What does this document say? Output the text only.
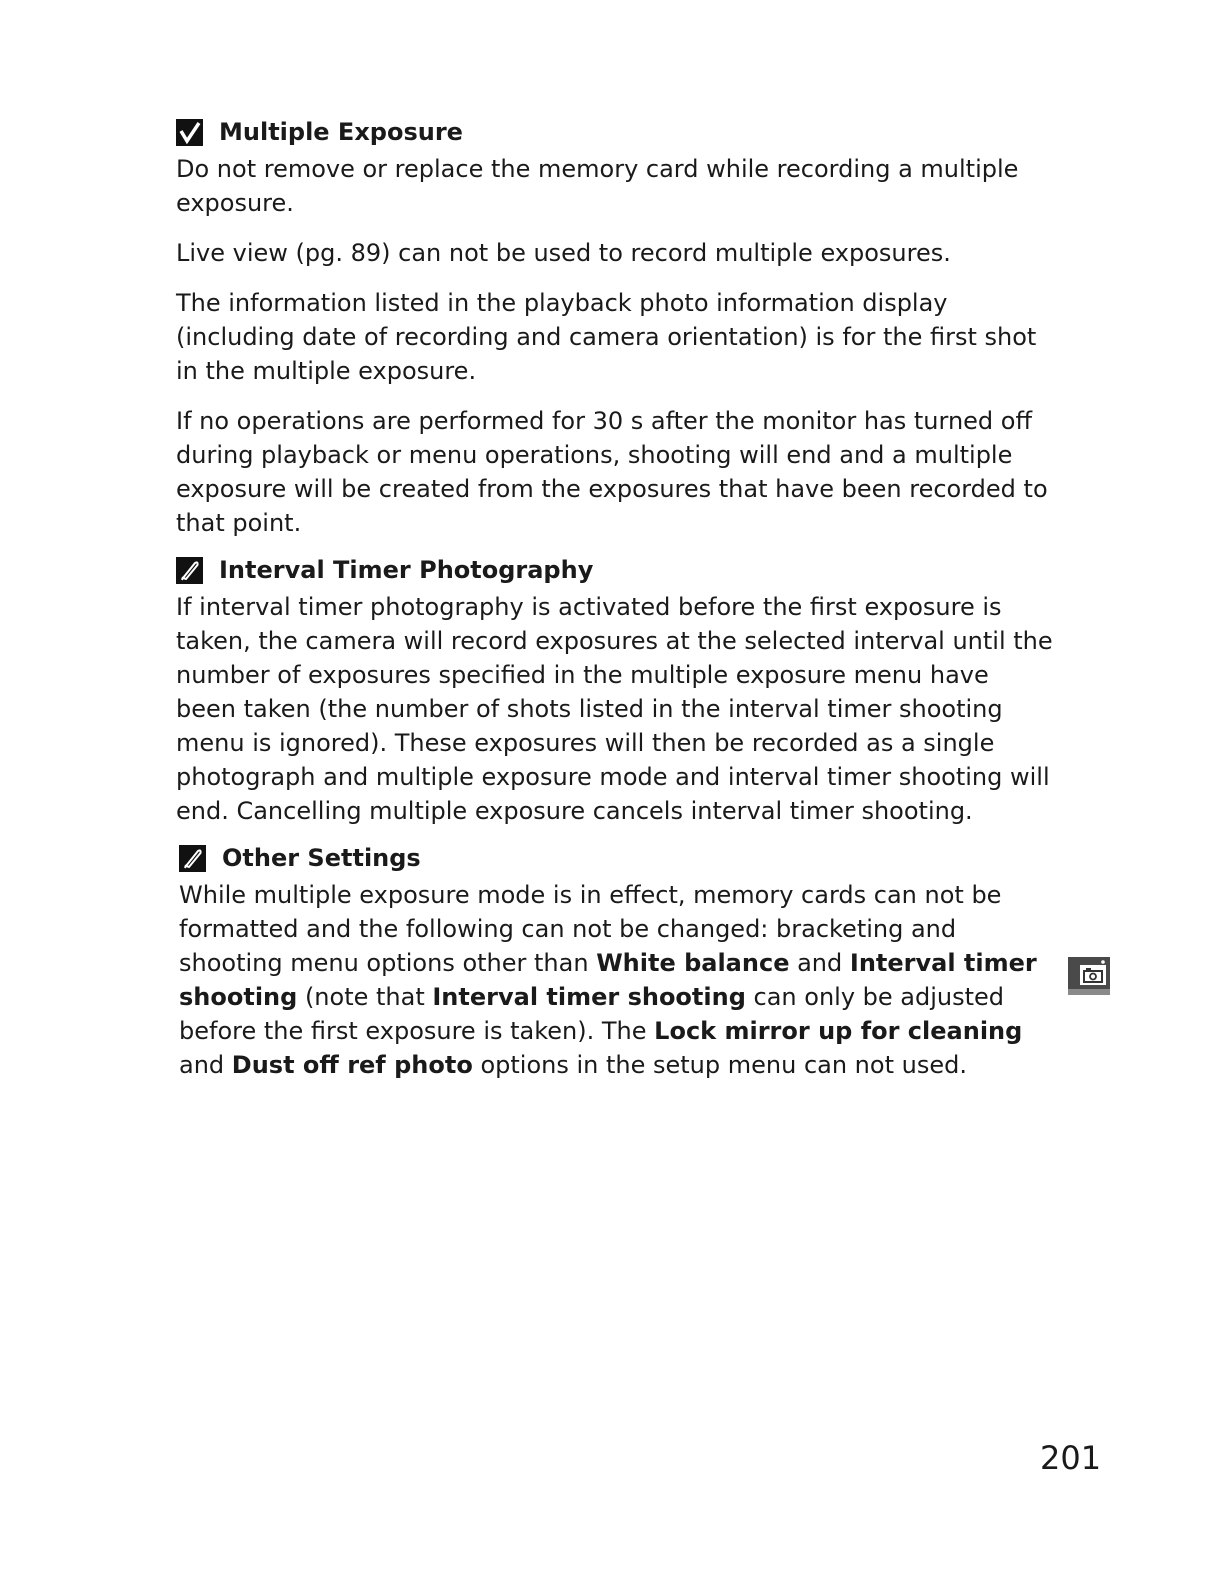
Multiple Exposure

Do not remove or replace the memory card while recording a multiple exposure.

Live view (pg. 89) can not be used to record multiple exposures.

The information listed in the playback photo information display (including date of recording and camera orientation) is for the first shot in the multiple exposure.

If no operations are performed for 30 s after the monitor has turned off during playback or menu operations, shooting will end and a multiple exposure will be created from the exposures that have been recorded to that point.

Interval Timer Photography

If interval timer photography is activated before the first exposure is taken, the camera will record exposures at the selected interval until the number of exposures specified in the multiple exposure menu have been taken (the number of shots listed in the interval timer shooting menu is ignored). These exposures will then be recorded as a single photograph and multiple exposure mode and interval timer shooting will end. Cancelling multiple exposure cancels interval timer shooting.

Other Settings

While multiple exposure mode is in effect, memory cards can not be formatted and the following can not be changed: bracketing and shooting menu options other than White balance and Interval timer shooting (note that Interval timer shooting can only be adjusted before the first exposure is taken). The Lock mirror up for cleaning and Dust off ref photo options in the setup menu can not used.

201
